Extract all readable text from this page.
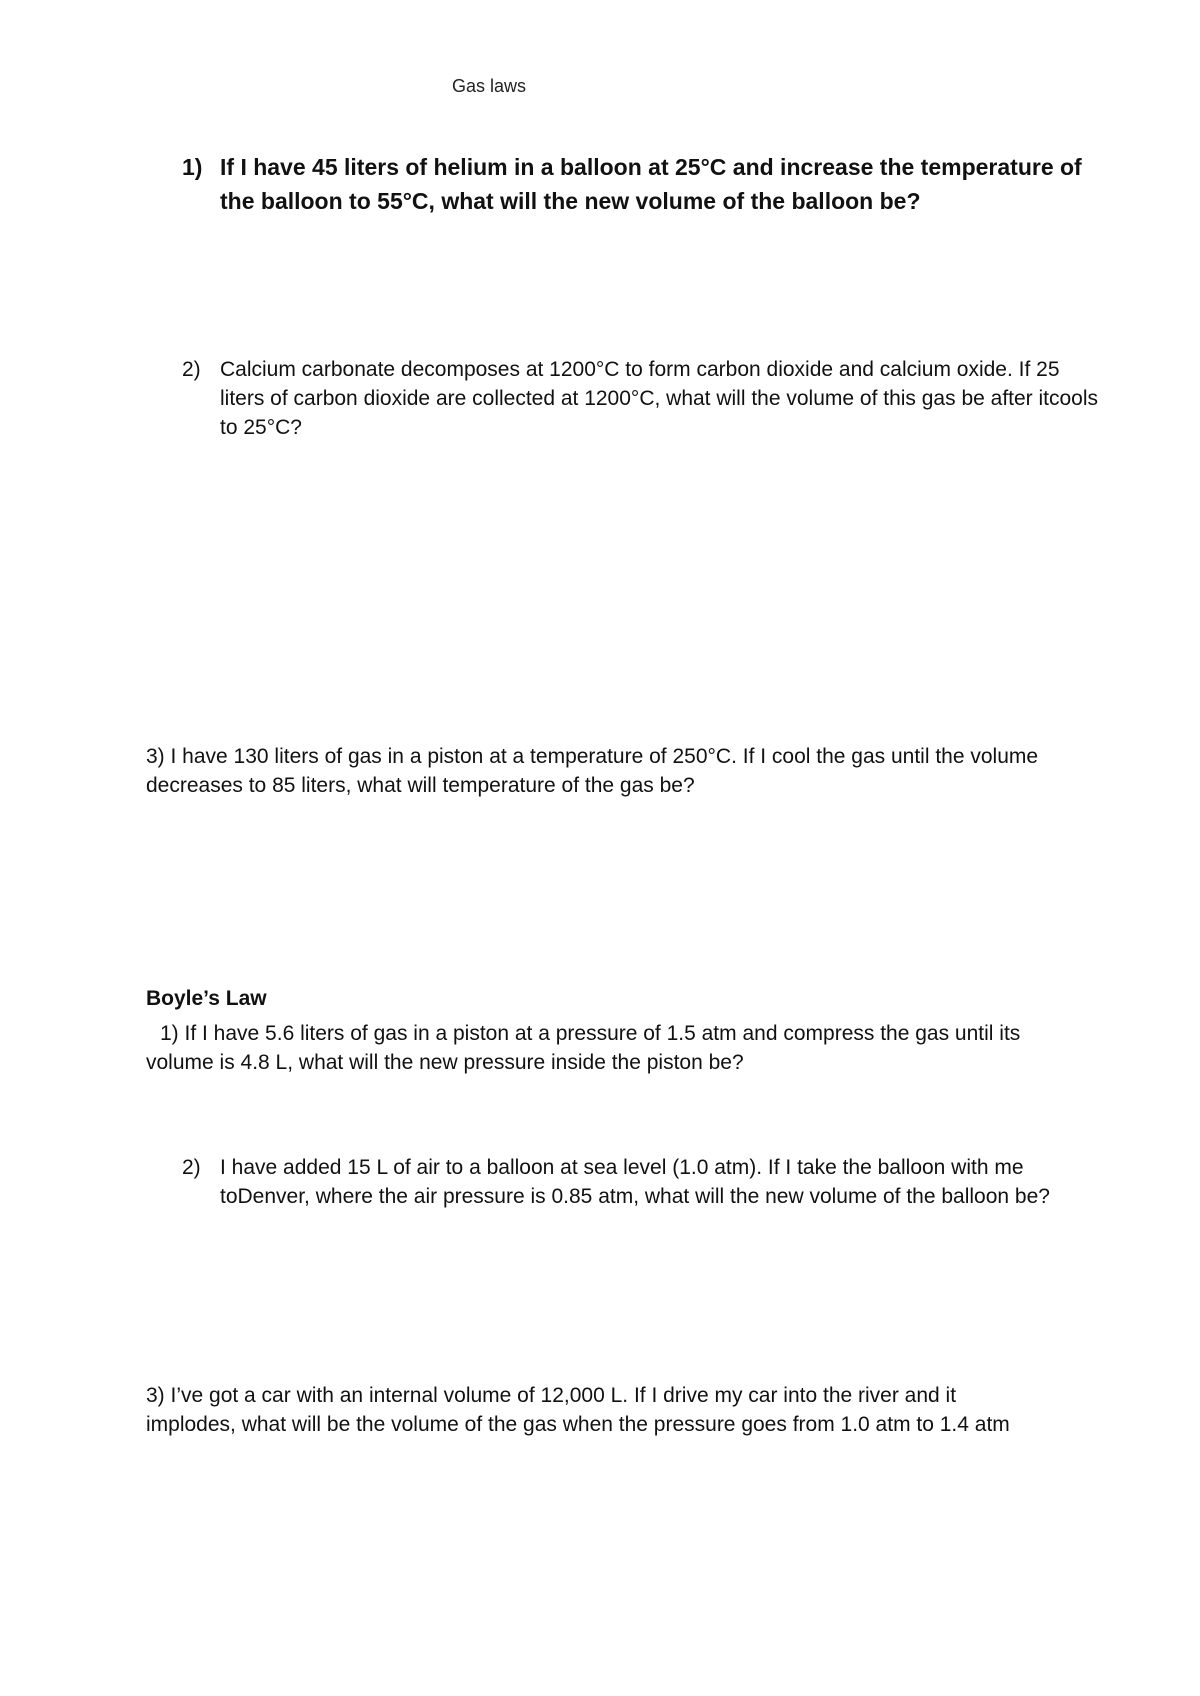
Gas laws
1) If I have 45 liters of helium in a balloon at 25°C and increase the temperature of the balloon to 55°C, what will the new volume of the balloon be?
2) Calcium carbonate decomposes at 1200°C to form carbon dioxide and calcium oxide. If 25 liters of carbon dioxide are collected at 1200°C, what will the volume of this gas be after itcools to 25°C?
3) I have 130 liters of gas in a piston at a temperature of 250°C. If I cool the gas until the volume decreases to 85 liters, what will temperature of the gas be?
Boyle’s Law
1) If I have 5.6 liters of gas in a piston at a pressure of 1.5 atm and compress the gas until its volume is 4.8 L, what will the new pressure inside the piston be?
2) I have added 15 L of air to a balloon at sea level (1.0 atm). If I take the balloon with me toDenver, where the air pressure is 0.85 atm, what will the new volume of the balloon be?
3) I’ve got a car with an internal volume of 12,000 L. If I drive my car into the river and it implodes, what will be the volume of the gas when the pressure goes from 1.0 atm to 1.4 atm
